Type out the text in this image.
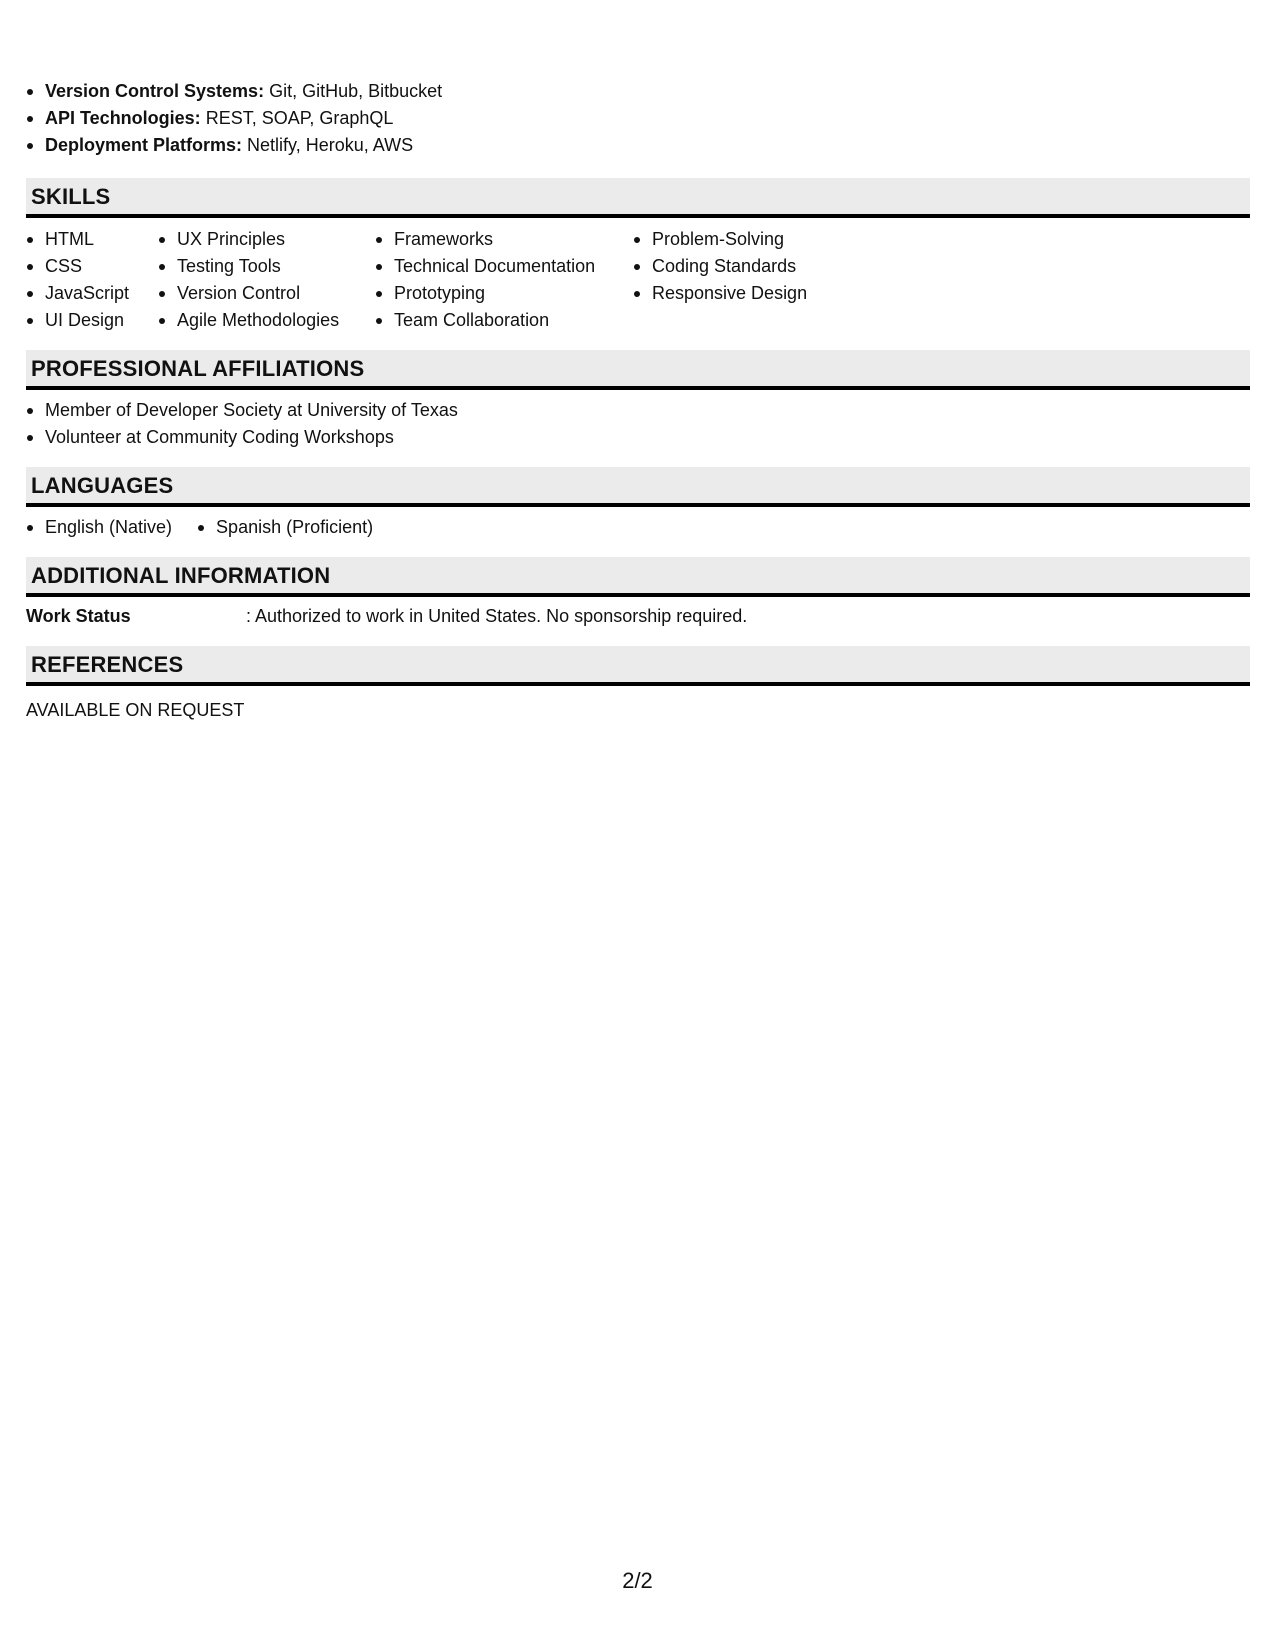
Version Control Systems: Git, GitHub, Bitbucket
API Technologies: REST, SOAP, GraphQL
Deployment Platforms: Netlify, Heroku, AWS
SKILLS
HTML
CSS
JavaScript
UI Design
UX Principles
Testing Tools
Version Control
Agile Methodologies
Frameworks
Technical Documentation
Prototyping
Team Collaboration
Problem-Solving
Coding Standards
Responsive Design
PROFESSIONAL AFFILIATIONS
Member of Developer Society at University of Texas
Volunteer at Community Coding Workshops
LANGUAGES
English (Native)	Spanish (Proficient)
ADDITIONAL INFORMATION
Work Status	: Authorized to work in United States. No sponsorship required.
REFERENCES
AVAILABLE ON REQUEST
2/2
